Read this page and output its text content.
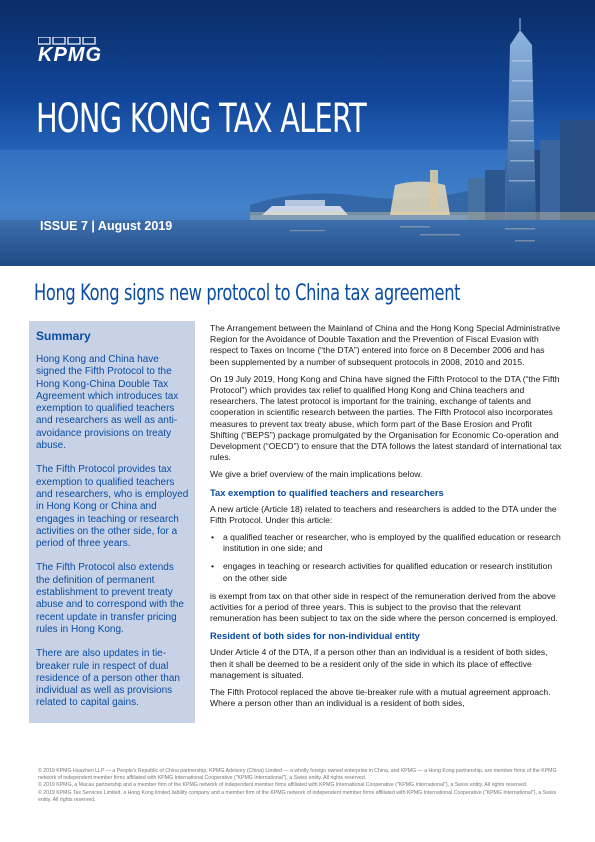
KPMG
HONG KONG TAX ALERT
ISSUE 7 | August 2019
Hong Kong signs new protocol to China tax agreement
Summary

Hong Kong and China have signed the Fifth Protocol to the Hong Kong-China Double Tax Agreement which introduces tax exemption to qualified teachers and researchers as well as anti-avoidance provisions on treaty abuse.

The Fifth Protocol provides tax exemption to qualified teachers and researchers, who is employed in Hong Kong or China and engages in teaching or research activities on the other side, for a period of three years.

The Fifth Protocol also extends the definition of permanent establishment to prevent treaty abuse and to correspond with the recent update in transfer pricing rules in Hong Kong.

There are also updates in tie-breaker rule in respect of dual residence of a person other than individual as well as provisions related to capital gains.

The Arrangement between the Mainland of China and the Hong Kong Special Administrative Region for the Avoidance of Double Taxation and the Prevention of Fiscal Evasion with respect to Taxes on Income (“the DTA”) entered into force on 8 December 2006 and has been supplemented by a number of subsequent protocols in 2008, 2010 and 2015.

On 19 July 2019, Hong Kong and China have signed the Fifth Protocol to the DTA (“the Fifth Protocol”) which provides tax relief to qualified Hong Kong and China teachers and researchers. The latest protocol is important for the training, exchange of talents and cooperation in scientific research between the parties. The Fifth Protocol also incorporates measures to prevent tax treaty abuse, which form part of the Base Erosion and Profit Shifting (“BEPS”) package promulgated by the Organisation for Economic Co-operation and Development (“OECD”) to ensure that the DTA follows the latest standard of international tax rules.

We give a brief overview of the main implications below.

Tax exemption to qualified teachers and researchers

A new article (Article 18) related to teachers and researchers is added to the DTA under the Fifth Protocol. Under this article:

• a qualified teacher or researcher, who is employed by the qualified education or research institution in one side; and
• engages in teaching or research activities for qualified education or research institution on the other side

is exempt from tax on that other side in respect of the remuneration derived from the above activities for a period of three years. This is subject to the proviso that the relevant remuneration has been subject to tax on the side where the person concerned is employed.

Resident of both sides for non-individual entity

Under Article 4 of the DTA, if a person other than an individual is a resident of both sides, then it shall be deemed to be a resident only of the side in which its place of effective management is situated.

The Fifth Protocol replaced the above tie-breaker rule with a mutual agreement approach. Where a person other than an individual is a resident of both sides,

© 2019 KPMG Huazhen LLP — a People's Republic of China partnership, KPMG Advisory (China) Limited — a wholly foreign owned enterprise in China, and KPMG — a Hong Kong partnership, are member firms of the KPMG network of independent member firms affiliated with KPMG International Cooperative ("KPMG International"), a Swiss entity. All rights reserved.

© 2019 KPMG, a Macau partnership and a member firm of the KPMG network of independent member firms affiliated with KPMG International Cooperative ("KPMG International"), a Swiss entity. All rights reserved.

© 2019 KPMG Tax Services Limited, a Hong Kong limited liability company and a member firm of the KPMG network of independent member firms affiliated with KPMG International Cooperative ("KPMG International"), a Swiss entity. All rights reserved.
